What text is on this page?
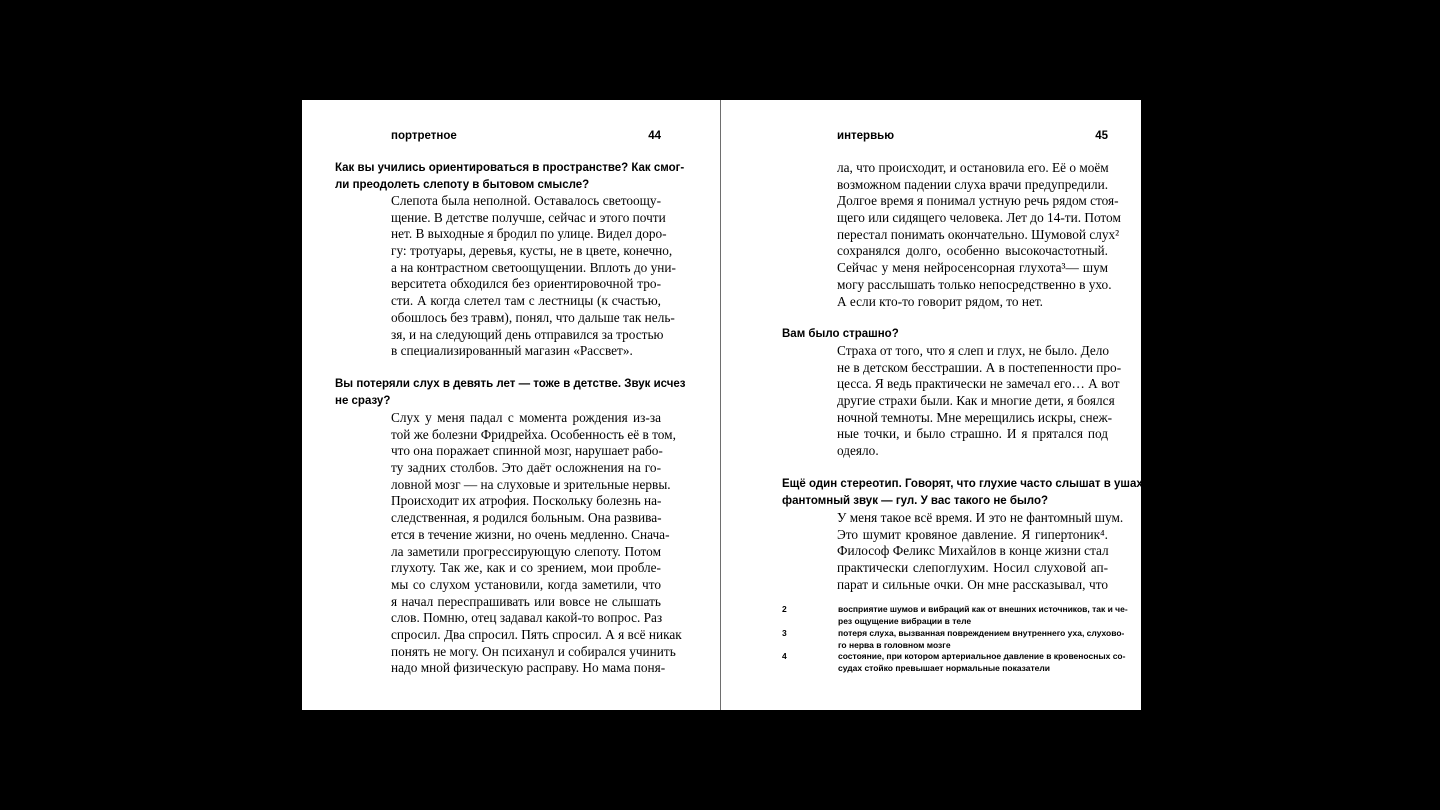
портретное	44
Как вы учились ориентироваться в пространстве? Как смог-
ли преодолеть слепоту в бытовом смысле?
Слепота была неполной. Оставалось светоощу-
щение. В детстве получше, сейчас и этого почти
нет. В выходные я бродил по улице. Видел доро-
гу: тротуары, деревья, кусты, не в цвете, конечно,
а на контрастном светоощущении. Вплоть до уни-
верситета обходился без ориентировочной тро-
сти. А когда слетел там с лестницы (к счастью,
обошлось без травм), понял, что дальше так нель-
зя, и на следующий день отправился за тростью
в специализированный магазин «Рассвет».
Вы потеряли слух в девять лет — тоже в детстве. Звук исчез
не сразу?
Слух у меня падал с момента рождения из-за
той же болезни Фридрейха. Особенность её в том,
что она поражает спинной мозг, нарушает рабо-
ту задних столбов. Это даёт осложнения на го-
ловной мозг — на слуховые и зрительные нервы.
Происходит их атрофия. Поскольку болезнь на-
следственная, я родился больным. Она развива-
ется в течение жизни, но очень медленно. Снача-
ла заметили прогрессирующую слепоту. Потом
глухоту. Так же, как и со зрением, мои пробле-
мы со слухом установили, когда заметили, что
я начал переспрашивать или вовсе не слышать
слов. Помню, отец задавал какой-то вопрос. Раз
спросил. Два спросил. Пять спросил. А я всё никак
понять не могу. Он психанул и собирался учинить
надо мной физическую расправу. Но мама поня-
интервью	45
ла, что происходит, и остановила его. Её о моём
возможном падении слуха врачи предупредили.
Долгое время я понимал устную речь рядом стоя-
щего или сидящего человека. Лет до 14-ти. Потом
перестал понимать окончательно. Шумовой слух²
сохранялся долго, особенно высокочастотный.
Сейчас у меня нейросенсорная глухота³— шум
могу расслышать только непосредственно в ухо.
А если кто-то говорит рядом, то нет.
Вам было страшно?
Страха от того, что я слеп и глух, не было. Дело
не в детском бесстрашии. А в постепенности про-
цесса. Я ведь практически не замечал его… А вот
другие страхи были. Как и многие дети, я боялся
ночной темноты. Мне мерещились искры, снеж-
ные точки, и было страшно. И я прятался под
одеяло.
Ещё один стереотип. Говорят, что глухие часто слышат в ушах
фантомный звук — гул. У вас такого не было?
У меня такое всё время. И это не фантомный шум.
Это шумит кровяное давление. Я гипертоник⁴.
Философ Феликс Михайлов в конце жизни стал
практически слепоглухим. Носил слуховой ап-
парат и сильные очки. Он мне рассказывал, что
2	восприятие шумов и вибраций как от внешних источников, так и че-
рез ощущение вибрации в теле
3	потеря слуха, вызванная повреждением внутреннего уха, слухово-
го нерва в головном мозге
4	состояние, при котором артериальное давление в кровеносных со-
судах стойко превышает нормальные показатели
